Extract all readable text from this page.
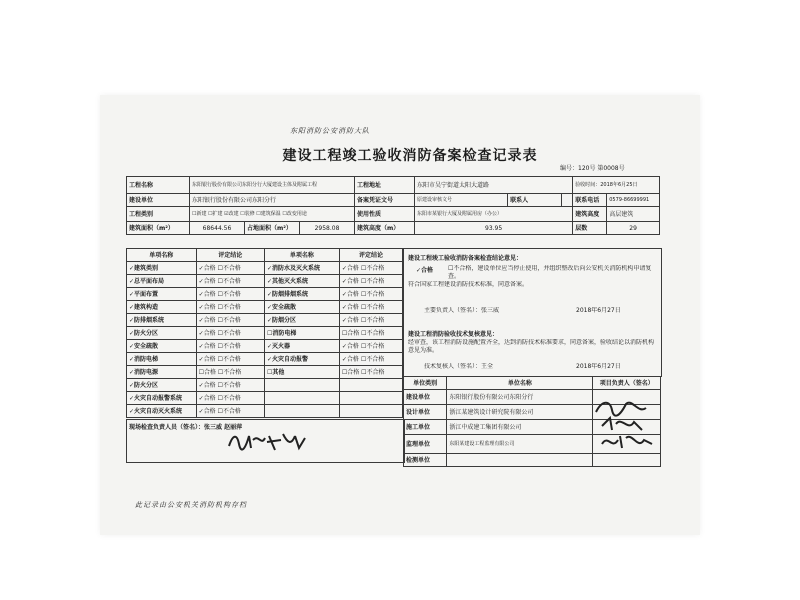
东阳消防公安消防大队
建设工程竣工验收消防备案检查记录表
编号：120号 第0008号
工程名称	东阳银行股份有限公司东阳分行大厦建设主体及附属工程			工程地址	东阳市吴宁街道太阳大道路			验收时间：2018年6月25日	
建设单位	东阳银行股份有限公司东阳分行			备案凭证文号	原建设审核文号	联系人		联系电话	0579-86699991
工程类别	☐新建 ☐扩建 ☑改建 ☐装修 ☐建筑保温 ☐改变用途			使用性质	东阳市某银行大厦及附属用房（办公）			建筑高度	高层建筑
建筑面积（m²）	68644.56	占地面积（m²）	2958.08	建筑高度（m）	93.95			层数	29
单项名称	评定结论	单项名称	评定结论
✓建筑类别	✓合格 ☐不合格	✓消防水及灭火系统	✓合格 ☐不合格
✓总平面布局	✓合格 ☐不合格	✓其他灭火系统	✓合格 ☐不合格
✓平面布置	✓合格 ☐不合格	✓防烟排烟系统	✓合格 ☐不合格
✓建筑构造	✓合格 ☐不合格	✓安全疏散	✓合格 ☐不合格
✓防排烟系统	✓合格 ☐不合格	✓防烟分区	✓合格 ☐不合格
✓防火分区	✓合格 ☐不合格	☐消防电梯	☐合格 ☐不合格
✓安全疏散	✓合格 ☐不合格	✓灭火器	✓合格 ☐不合格
✓消防电梯	✓合格 ☐不合格	✓火灾自动报警	✓合格 ☐不合格
✓消防电源	☐合格 ☐不合格	☐其他	☐合格 ☐不合格
✓防火分区	✓合格 ☐不合格		
✓火灾自动报警系统	✓合格 ☐不合格		
✓火灾自动灭火系统	✓合格 ☐不合格		
现场检查负责人员（签名）：张三威 赵丽萍
建设工程竣工验收消防备案检查结论意见：
✓合格 ☐不合格，建设单位应当停止使用，并组织整改后向公安机关消防机构申请复查。
符合国家工程建设消防技术标准，同意备案。
主要负责人（签名）：张三威	2018年6月27日
建设工程消防验收技术复核意见：
经审查，该工程消防设施配置齐全，达到消防技术标准要求，同意备案，验收结论以消防机构意见为准。
技术复核人（签名）：王全	2018年6月27日
单位类别	单位名称	项目负责人（签名）
建设单位	东阳银行股份有限公司东阳分行	
设计单位	浙江某建筑设计研究院有限公司	
施工单位	浙江中成建工集团有限公司	
监理单位	东阳某建设工程监理有限公司	
检测单位		
此记录由公安机关消防机构存档
